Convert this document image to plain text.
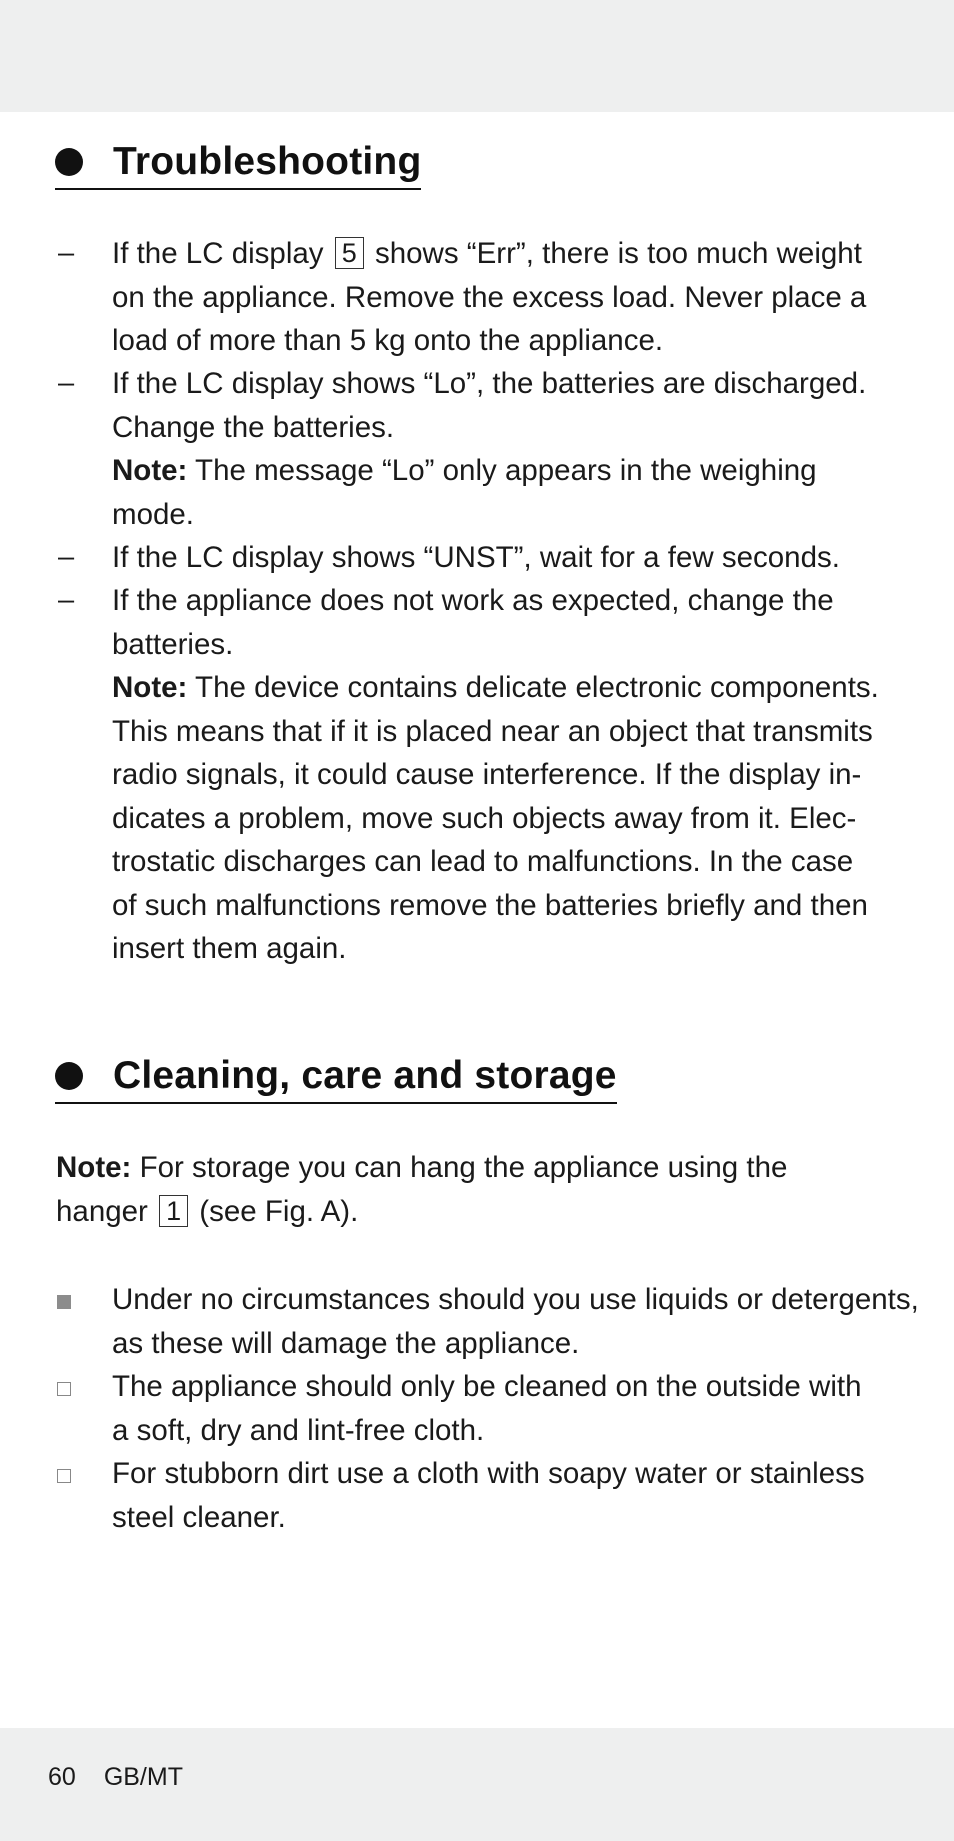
Troubleshooting
– If the LC display 5 shows “Err”, there is too much weight
on the appliance. Remove the excess load. Never place a
load of more than 5 kg onto the appliance.
– If the LC display shows “Lo”, the batteries are discharged.
Change the batteries.
Note: The message “Lo” only appears in the weighing
mode.
– If the LC display shows “UNST”, wait for a few seconds.
– If the appliance does not work as expected, change the
batteries.
Note: The device contains delicate electronic components.
This means that if it is placed near an object that transmits
radio signals, it could cause interference. If the display in-
dicates a problem, move such objects away from it. Elec-
trostatic discharges can lead to malfunctions. In the case
of such malfunctions remove the batteries briefly and then
insert them again.
Cleaning, care and storage
Note: For storage you can hang the appliance using the
hanger 1 (see Fig. A).
Under no circumstances should you use liquids or detergents,
as these will damage the appliance.
The appliance should only be cleaned on the outside with
a soft, dry and lint-free cloth.
For stubborn dirt use a cloth with soapy water or stainless
steel cleaner.
60 GB/MT
